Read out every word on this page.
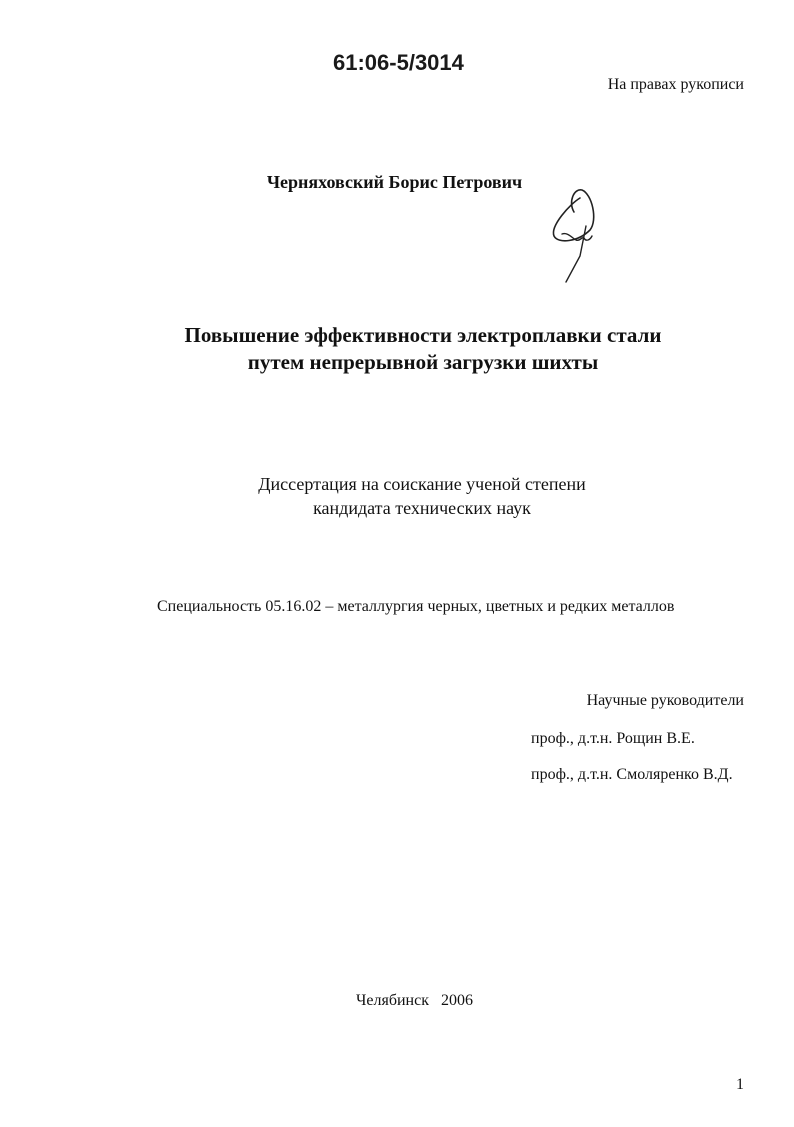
61:06-5/3014
На правах рукописи
Черняховский Борис Петрович
Повышение эффективности электроплавки стали
путем непрерывной загрузки шихты
Диссертация на соискание ученой степени
кандидата технических наук
Специальность 05.16.02 – металлургия черных, цветных и редких металлов
Научные руководители
проф., д.т.н. Рощин В.Е.
проф., д.т.н. Смоляренко В.Д.
Челябинск   2006
1
